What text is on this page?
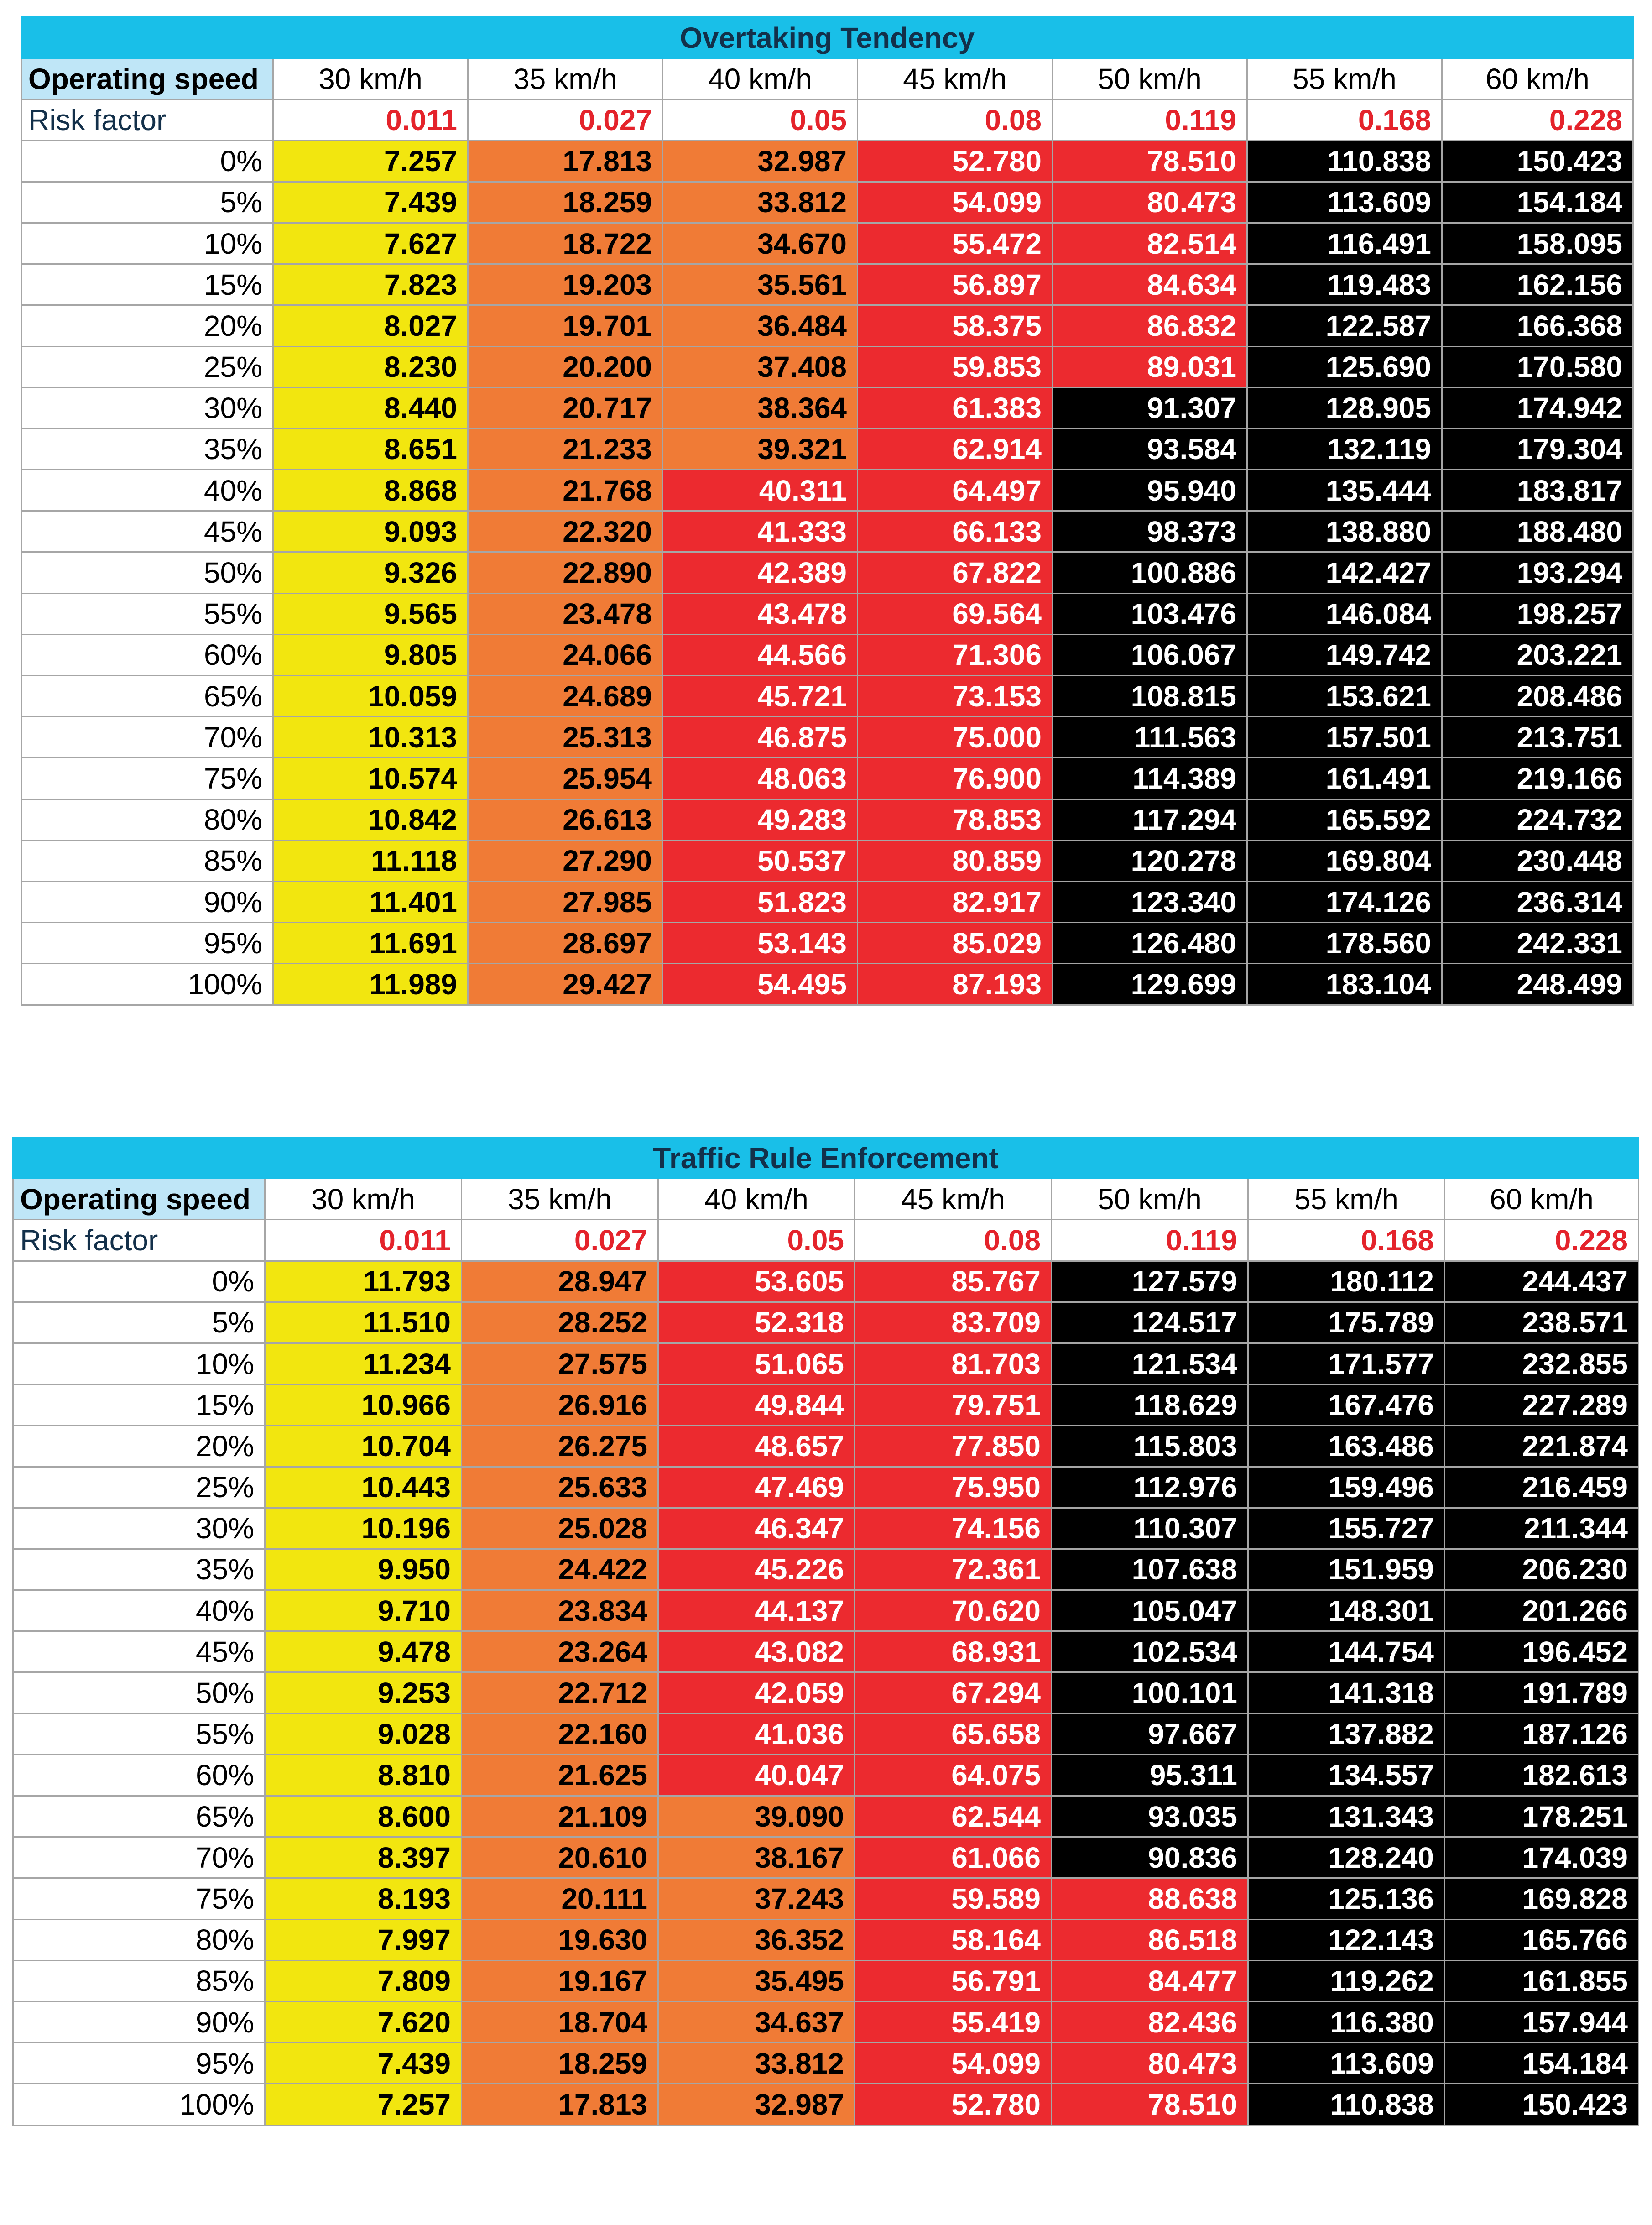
Overtaking Tendency							
Operating speed	30 km/h	35 km/h	40 km/h	45 km/h	50 km/h	55 km/h	60 km/h
Risk factor	0.011	0.027	0.05	0.08	0.119	0.168	0.228
0%	7.257	17.813	32.987	52.780	78.510	110.838	150.423
5%	7.439	18.259	33.812	54.099	80.473	113.609	154.184
10%	7.627	18.722	34.670	55.472	82.514	116.491	158.095
15%	7.823	19.203	35.561	56.897	84.634	119.483	162.156
20%	8.027	19.701	36.484	58.375	86.832	122.587	166.368
25%	8.230	20.200	37.408	59.853	89.031	125.690	170.580
30%	8.440	20.717	38.364	61.383	91.307	128.905	174.942
35%	8.651	21.233	39.321	62.914	93.584	132.119	179.304
40%	8.868	21.768	40.311	64.497	95.940	135.444	183.817
45%	9.093	22.320	41.333	66.133	98.373	138.880	188.480
50%	9.326	22.890	42.389	67.822	100.886	142.427	193.294
55%	9.565	23.478	43.478	69.564	103.476	146.084	198.257
60%	9.805	24.066	44.566	71.306	106.067	149.742	203.221
65%	10.059	24.689	45.721	73.153	108.815	153.621	208.486
70%	10.313	25.313	46.875	75.000	111.563	157.501	213.751
75%	10.574	25.954	48.063	76.900	114.389	161.491	219.166
80%	10.842	26.613	49.283	78.853	117.294	165.592	224.732
85%	11.118	27.290	50.537	80.859	120.278	169.804	230.448
90%	11.401	27.985	51.823	82.917	123.340	174.126	236.314
95%	11.691	28.697	53.143	85.029	126.480	178.560	242.331
100%	11.989	29.427	54.495	87.193	129.699	183.104	248.499
Traffic Rule Enforcement							
Operating speed	30 km/h	35 km/h	40 km/h	45 km/h	50 km/h	55 km/h	60 km/h
Risk factor	0.011	0.027	0.05	0.08	0.119	0.168	0.228
0%	11.793	28.947	53.605	85.767	127.579	180.112	244.437
5%	11.510	28.252	52.318	83.709	124.517	175.789	238.571
10%	11.234	27.575	51.065	81.703	121.534	171.577	232.855
15%	10.966	26.916	49.844	79.751	118.629	167.476	227.289
20%	10.704	26.275	48.657	77.850	115.803	163.486	221.874
25%	10.443	25.633	47.469	75.950	112.976	159.496	216.459
30%	10.196	25.028	46.347	74.156	110.307	155.727	211.344
35%	9.950	24.422	45.226	72.361	107.638	151.959	206.230
40%	9.710	23.834	44.137	70.620	105.047	148.301	201.266
45%	9.478	23.264	43.082	68.931	102.534	144.754	196.452
50%	9.253	22.712	42.059	67.294	100.101	141.318	191.789
55%	9.028	22.160	41.036	65.658	97.667	137.882	187.126
60%	8.810	21.625	40.047	64.075	95.311	134.557	182.613
65%	8.600	21.109	39.090	62.544	93.035	131.343	178.251
70%	8.397	20.610	38.167	61.066	90.836	128.240	174.039
75%	8.193	20.111	37.243	59.589	88.638	125.136	169.828
80%	7.997	19.630	36.352	58.164	86.518	122.143	165.766
85%	7.809	19.167	35.495	56.791	84.477	119.262	161.855
90%	7.620	18.704	34.637	55.419	82.436	116.380	157.944
95%	7.439	18.259	33.812	54.099	80.473	113.609	154.184
100%	7.257	17.813	32.987	52.780	78.510	110.838	150.423
